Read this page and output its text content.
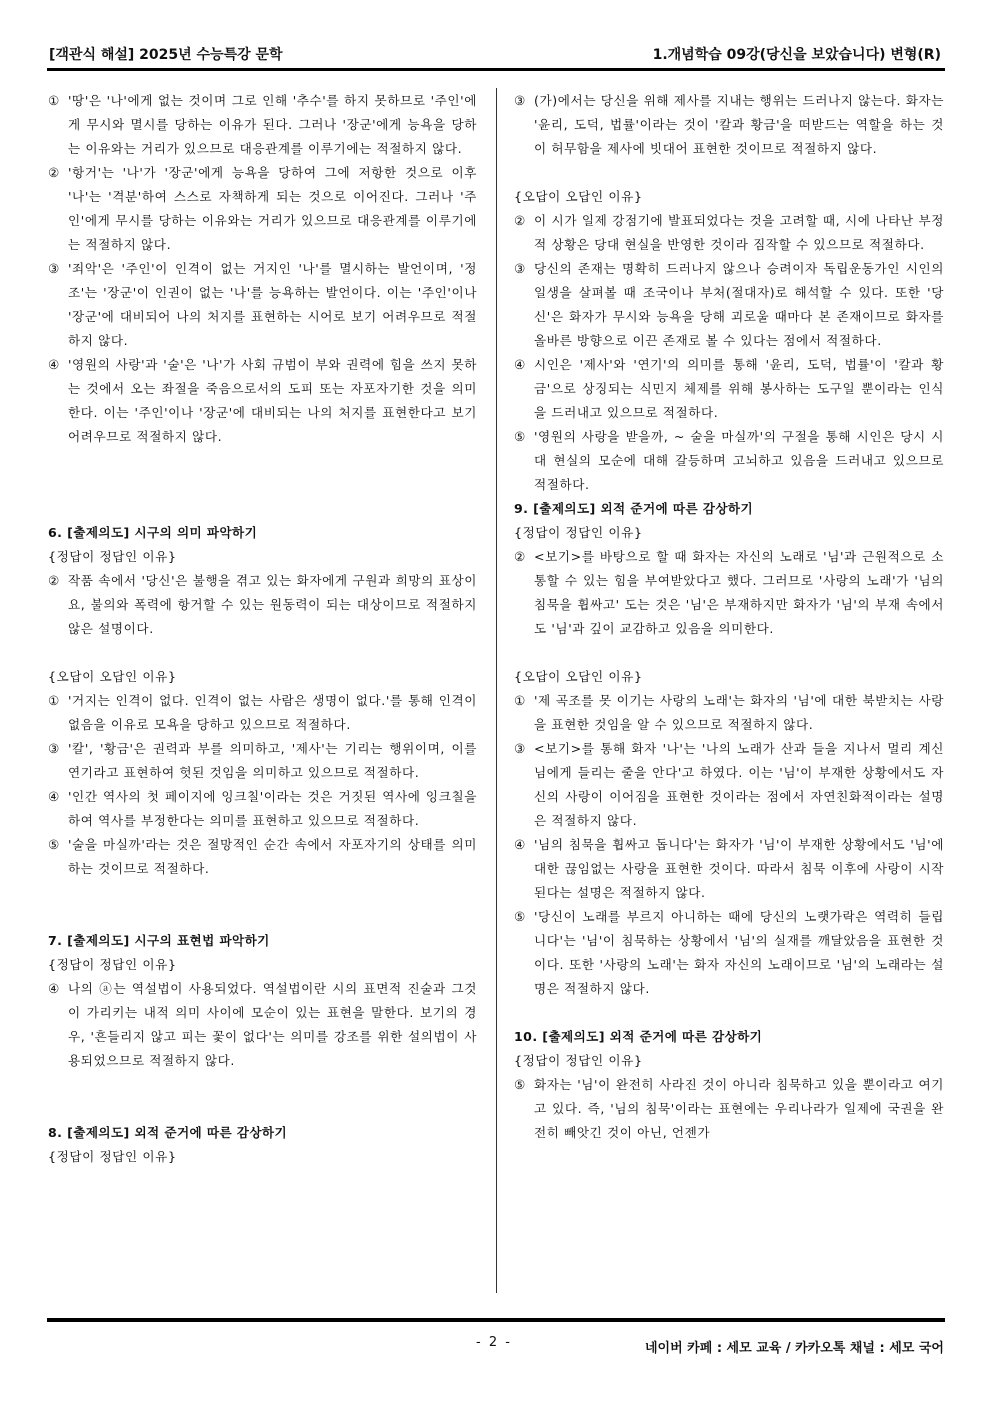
[객관식 해설] 2025년 수능특강 문학	1.개념학습 09강(당신을 보았습니다) 변형(R)
① '땅'은 '나'에게 없는 것이며 그로 인해 '추수'를 하지 못하므로 '주인'에게 무시와 멸시를 당하는 이유가 된다. 그러나 '장군'에게 능욕을 당하는 이유와는 거리가 있으므로 대응관계를 이루기에는 적절하지 않다.
② '항거'는 '나'가 '장군'에게 능욕을 당하여 그에 저항한 것으로 이후 '나'는 '격분'하여 스스로 자책하게 되는 것으로 이어진다. 그러나 '주인'에게 무시를 당하는 이유와는 거리가 있으므로 대응관계를 이루기에는 적절하지 않다.
③ '죄악'은 '주인'이 인격이 없는 거지인 '나'를 멸시하는 발언이며, '정조'는 '장군'이 인권이 없는 '나'를 능욕하는 발언이다. 이는 '주인'이나 '장군'에 대비되어 나의 처지를 표현하는 시어로 보기 어려우므로 적절하지 않다.
④ '영원의 사랑'과 '술'은 '나'가 사회 규범이 부와 권력에 힘을 쓰지 못하는 것에서 오는 좌절을 죽음으로서의 도피 또는 자포자기한 것을 의미한다. 이는 '주인'이나 '장군'에 대비되는 나의 처지를 표현한다고 보기 어려우므로 적절하지 않다.
6. [출제의도] 시구의 의미 파악하기
{정답이 정답인 이유}
② 작품 속에서 '당신'은 불행을 겪고 있는 화자에게 구원과 희망의 표상이요, 불의와 폭력에 항거할 수 있는 원동력이 되는 대상이므로 적절하지 않은 설명이다.
{오답이 오답인 이유}
① '거지는 인격이 없다. 인격이 없는 사람은 생명이 없다.'를 통해 인격이 없음을 이유로 모욕을 당하고 있으므로 적절하다.
③ '칼', '황금'은 권력과 부를 의미하고, '제사'는 기리는 행위이며, 이를 연기라고 표현하여 헛된 것임을 의미하고 있으므로 적절하다.
④ '인간 역사의 첫 페이지에 잉크칠'이라는 것은 거짓된 역사에 잉크칠을 하여 역사를 부정한다는 의미를 표현하고 있으므로 적절하다.
⑤ '술을 마실까'라는 것은 절망적인 순간 속에서 자포자기의 상태를 의미하는 것이므로 적절하다.
7. [출제의도] 시구의 표현법 파악하기
{정답이 정답인 이유}
④ 나의 ⓐ는 역설법이 사용되었다. 역설법이란 시의 표면적 진술과 그것이 가리키는 내적 의미 사이에 모순이 있는 표현을 말한다. 보기의 경우, '흔들리지 않고 피는 꽃이 없다'는 의미를 강조를 위한 설의법이 사용되었으므로 적절하지 않다.
8. [출제의도] 외적 준거에 따른 감상하기
{정답이 정답인 이유}
③ (가)에서는 당신을 위해 제사를 지내는 행위는 드러나지 않는다. 화자는 '윤리, 도덕, 법률'이라는 것이 '칼과 황금'을 떠받드는 역할을 하는 것이 허무함을 제사에 빗대어 표현한 것이므로 적절하지 않다.
{오답이 오답인 이유}
② 이 시가 일제 강점기에 발표되었다는 것을 고려할 때, 시에 나타난 부정적 상황은 당대 현실을 반영한 것이라 짐작할 수 있으므로 적절하다.
③ 당신의 존재는 명확히 드러나지 않으나 승려이자 독립운동가인 시인의 일생을 살펴볼 때 조국이나 부처(절대자)로 해석할 수 있다. 또한 '당신'은 화자가 무시와 능욕을 당해 괴로울 때마다 본 존재이므로 화자를 올바른 방향으로 이끈 존재로 볼 수 있다는 점에서 적절하다.
④ 시인은 '제사'와 '연기'의 의미를 통해 '윤리, 도덕, 법률'이 '칼과 황금'으로 상징되는 식민지 체제를 위해 봉사하는 도구일 뿐이라는 인식을 드러내고 있으므로 적절하다.
⑤ '영원의 사랑을 받을까, ~ 술을 마실까'의 구절을 통해 시인은 당시 시대 현실의 모순에 대해 갈등하며 고뇌하고 있음을 드러내고 있으므로 적절하다.
9. [출제의도] 외적 준거에 따른 감상하기
{정답이 정답인 이유}
② <보기>를 바탕으로 할 때 화자는 자신의 노래로 '님'과 근원적으로 소통할 수 있는 힘을 부여받았다고 했다. 그러므로 '사랑의 노래'가 '님의 침묵을 휩싸고' 도는 것은 '님'은 부재하지만 화자가 '님'의 부재 속에서도 '님'과 깊이 교감하고 있음을 의미한다.
{오답이 오답인 이유}
① '제 곡조를 못 이기는 사랑의 노래'는 화자의 '님'에 대한 북받치는 사랑을 표현한 것임을 알 수 있으므로 적절하지 않다.
③ <보기>를 통해 화자 '나'는 '나의 노래가 산과 들을 지나서 멀리 계신 님에게 들리는 줄을 안다'고 하였다. 이는 '님'이 부재한 상황에서도 자신의 사랑이 이어짐을 표현한 것이라는 점에서 자연친화적이라는 설명은 적절하지 않다.
④ '님의 침묵을 휩싸고 돕니다'는 화자가 '님'이 부재한 상황에서도 '님'에 대한 끊임없는 사랑을 표현한 것이다. 따라서 침묵 이후에 사랑이 시작된다는 설명은 적절하지 않다.
⑤ '당신이 노래를 부르지 아니하는 때에 당신의 노랫가락은 역력히 들립니다'는 '님'이 침묵하는 상황에서 '님'의 실재를 깨달았음을 표현한 것이다. 또한 '사랑의 노래'는 화자 자신의 노래이므로 '님'의 노래라는 설명은 적절하지 않다.
10. [출제의도] 외적 준거에 따른 감상하기
{정답이 정답인 이유}
⑤ 화자는 '님'이 완전히 사라진 것이 아니라 침묵하고 있을 뿐이라고 여기고 있다. 즉, '님의 침묵'이라는 표현에는 우리나라가 일제에 국권을 완전히 빼앗긴 것이 아닌, 언젠가
- 2 -	네이버 카페 : 세모 교육 / 카카오톡 채널 : 세모 국어
